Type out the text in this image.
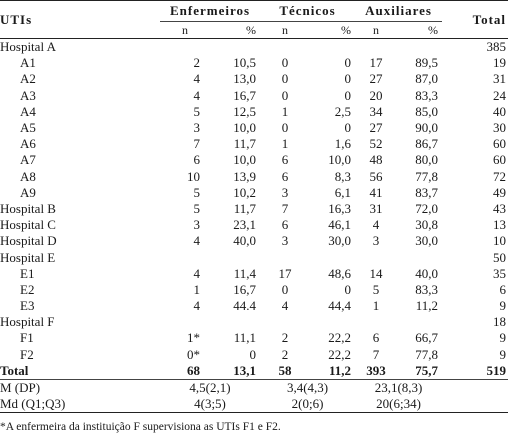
UTIs	Enfermeiros		Técnicos		Auxiliares		Total
	n	%	n	%	n	%	
Hospital A							385
A1	2	10,5	0	0	17	89,5	19
A2	4	13,0	0	0	27	87,0	31
A3	4	16,7	0	0	20	83,3	24
A4	5	12,5	1	2,5	34	85,0	40
A5	3	10,0	0	0	27	90,0	30
A6	7	11,7	1	1,6	52	86,7	60
A7	6	10,0	6	10,0	48	80,0	60
A8	10	13,9	6	8,3	56	77,8	72
A9	5	10,2	3	6,1	41	83,7	49
Hospital B	5	11,7	7	16,3	31	72,0	43
Hospital C	3	23,1	6	46,1	4	30,8	13
Hospital D	4	40,0	3	30,0	3	30,0	10
Hospital E							50
E1	4	11,4	17	48,6	14	40,0	35
E2	1	16,7	0	0	5	83,3	6
E3	4	44.4	4	44,4	1	11,2	9
Hospital F							18
F1	1*	11,1	2	22,2	6	66,7	9
F2	0*	0	2	22,2	7	77,8	9
Total	68	13,1	58	11,2	393	75,7	519
M (DP)	4,5(2,1)		3,4(4,3)		23,1(8,3)		
Md (Q1;Q3)	4(3;5)		2(0;6)		20(6;34)		
*A enfermeira da instituição F supervisiona as UTIs F1 e F2.
